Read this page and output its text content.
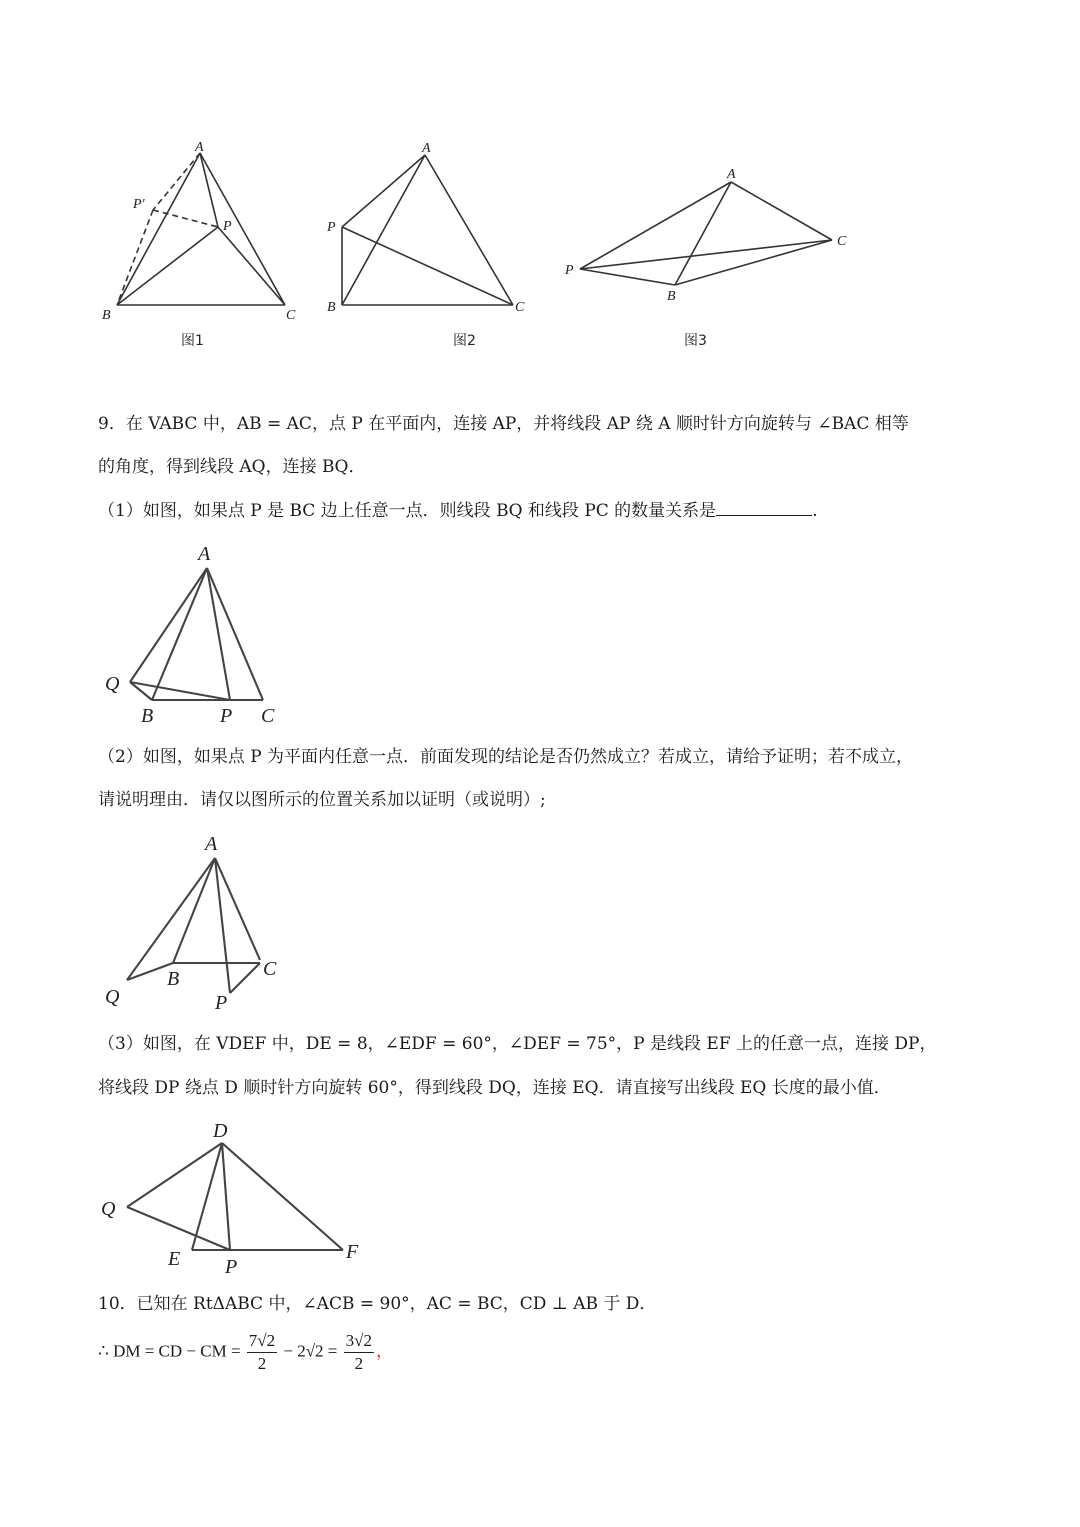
A
P'
P
B	C
图1
A
P
B	C
图2
A
C
P
B
图3
9．在 VABC 中，AB = AC，点 P 在平面内，连接 AP，并将线段 AP 绕 A 顺时针方向旋转与 ∠BAC 相等
的角度，得到线段 AQ，连接 BQ．
（1）如图，如果点 P 是 BC 边上任意一点．则线段 BQ 和线段 PC 的数量关系是	.
A
Q
B	P C
（2）如图，如果点 P 为平面内任意一点．前面发现的结论是否仍然成立？若成立，请给予证明；若不成立，
请说明理由．请仅以图所示的位置关系加以证明（或说明）;
A
Q
B
P
C
（3）如图，在 VDEF 中，DE = 8，∠EDF = 60°，∠DEF = 75°，P 是线段 EF 上的任意一点，连接 DP，
将线段 DP 绕点 D 顺时针方向旋转 60°，得到线段 DQ，连接 EQ．请直接写出线段 EQ 长度的最小值．
D
Q
E P
F
10．已知在 RtΔABC 中，∠ACB = 90°，AC = BC，CD ⊥ AB 于 D．
∴ DM = CD − CM = $\frac{7√2}{2} - 2√2 = \frac{3√2}{2}$ ，
